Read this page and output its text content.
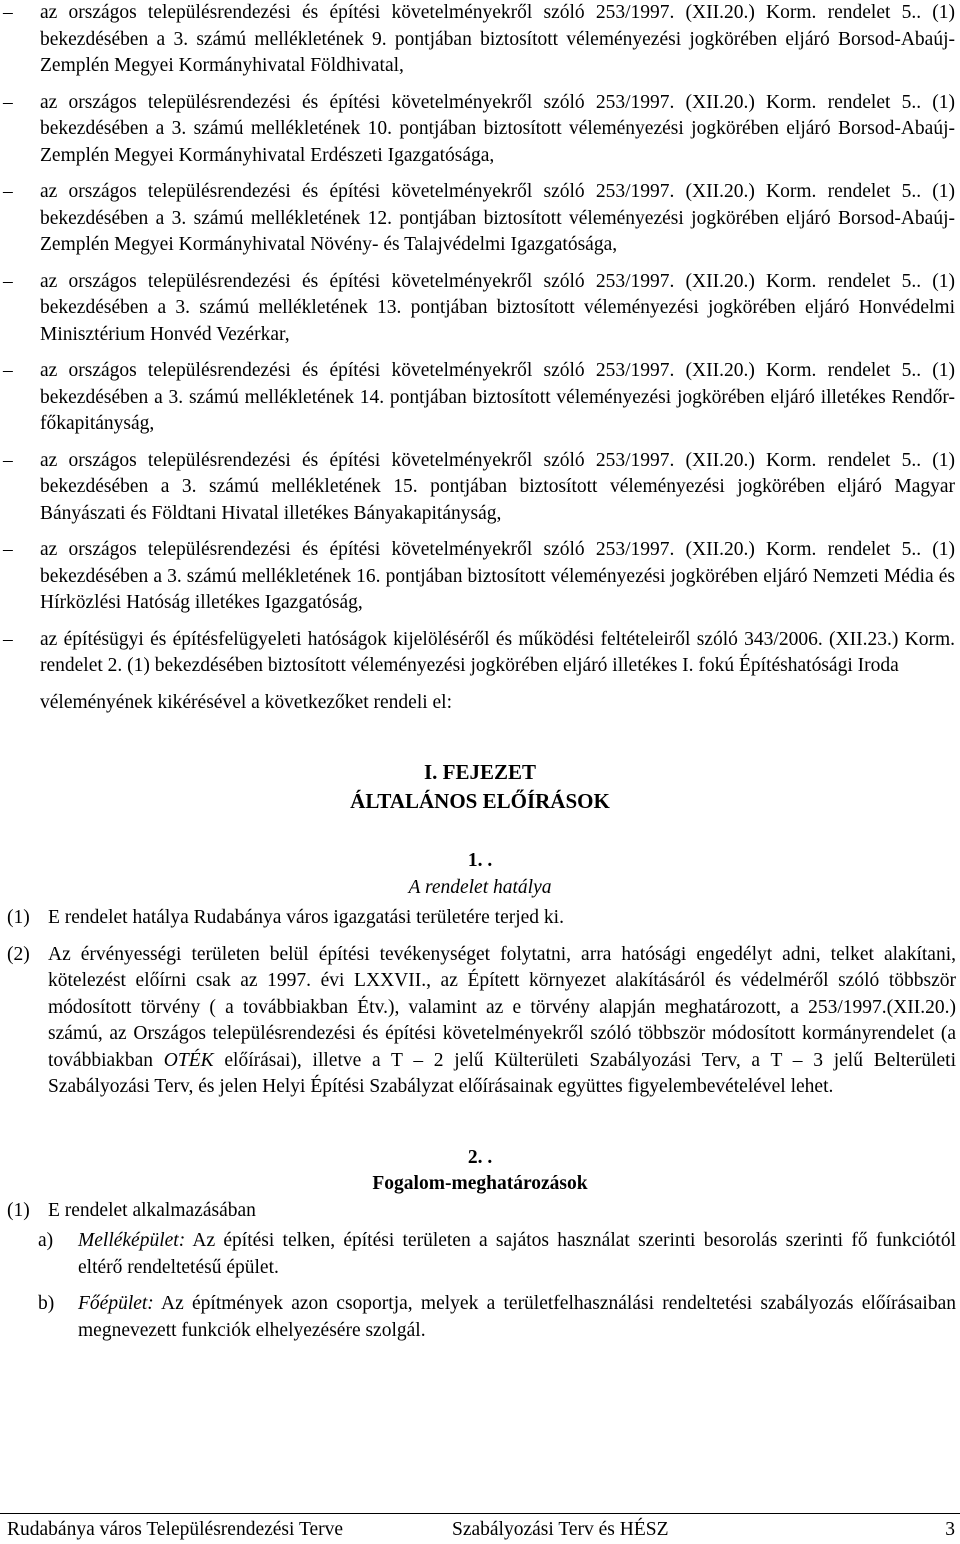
– az országos településrendezési és építési követelményekről szóló 253/1997. (XII.20.) Korm. rendelet 5.. (1) bekezdésében a 3. számú mellékletének 9. pontjában biztosított véleményezési jogkörében eljáró Borsod-Abaúj-Zemplén Megyei Kormányhivatal Földhivatal,
– az országos településrendezési és építési követelményekről szóló 253/1997. (XII.20.) Korm. rendelet 5.. (1) bekezdésében a 3. számú mellékletének 10. pontjában biztosított véleményezési jogkörében eljáró Borsod-Abaúj-Zemplén Megyei Kormányhivatal Erdészeti Igazgatósága,
– az országos településrendezési és építési követelményekről szóló 253/1997. (XII.20.) Korm. rendelet 5.. (1) bekezdésében a 3. számú mellékletének 12. pontjában biztosított véleményezési jogkörében eljáró Borsod-Abaúj-Zemplén Megyei Kormányhivatal Növény- és Talajvédelmi Igazgatósága,
– az országos településrendezési és építési követelményekről szóló 253/1997. (XII.20.) Korm. rendelet 5.. (1) bekezdésében a 3. számú mellékletének 13. pontjában biztosított véleményezési jogkörében eljáró Honvédelmi Minisztérium Honvéd Vezérkar,
– az országos településrendezési és építési követelményekről szóló 253/1997. (XII.20.) Korm. rendelet 5.. (1) bekezdésében a 3. számú mellékletének 14. pontjában biztosított véleményezési jogkörében eljáró illetékes Rendőr-főkapitányság,
– az országos településrendezési és építési követelményekről szóló 253/1997. (XII.20.) Korm. rendelet 5.. (1) bekezdésében a 3. számú mellékletének 15. pontjában biztosított véleményezési jogkörében eljáró Magyar Bányászati és Földtani Hivatal illetékes Bányakapitányság,
– az országos településrendezési és építési követelményekről szóló 253/1997. (XII.20.) Korm. rendelet 5.. (1) bekezdésében a 3. számú mellékletének 16. pontjában biztosított véleményezési jogkörében eljáró Nemzeti Média és Hírközlési Hatóság illetékes Igazgatóság,
– az építésügyi és építésfelügyeleti hatóságok kijelöléséről és működési feltételeiről szóló 343/2006. (XII.23.) Korm. rendelet 2. (1) bekezdésében biztosított véleményezési jogkörében eljáró illetékes I. fokú Építéshatósági Iroda
véleményének kikérésével a következőket rendeli el:
I. FEJEZET
ÁLTALÁNOS ELŐÍRÁSOK
1. .
A rendelet hatálya
(1) E rendelet hatálya Rudabánya város igazgatási területére terjed ki.
(2) Az érvényességi területen belül építési tevékenységet folytatni, arra hatósági engedélyt adni, telket alakítani, kötelezést előírni csak az 1997. évi LXXVII., az Épített környezet alakításáról és védelméről szóló többször módosított törvény ( a továbbiakban Étv.), valamint az e törvény alapján meghatározott, a 253/1997.(XII.20.) számú, az Országos településrendezési és építési követelményekről szóló többször módosított kormányrendelet (a továbbiakban OTÉK előírásai), illetve a T – 2 jelű Külterületi Szabályozási Terv, a T – 3 jelű Belterületi Szabályozási Terv, és jelen Helyi Építési Szabályzat előírásainak együttes figyelembevételével lehet.
2. .
Fogalom-meghatározások
(1) E rendelet alkalmazásában
a) Melléképület: Az építési telken, építési területen a sajátos használat szerinti besorolás szerinti fő funkciótól eltérő rendeltetésű épület.
b) Főépület: Az építmények azon csoportja, melyek a területfelhasználási rendeltetési szabályozás előírásaiban megnevezett funkciók elhelyezésére szolgál.
Rudabánya város Településrendezési Terve	Szabályozási Terv és HÉSZ	3
